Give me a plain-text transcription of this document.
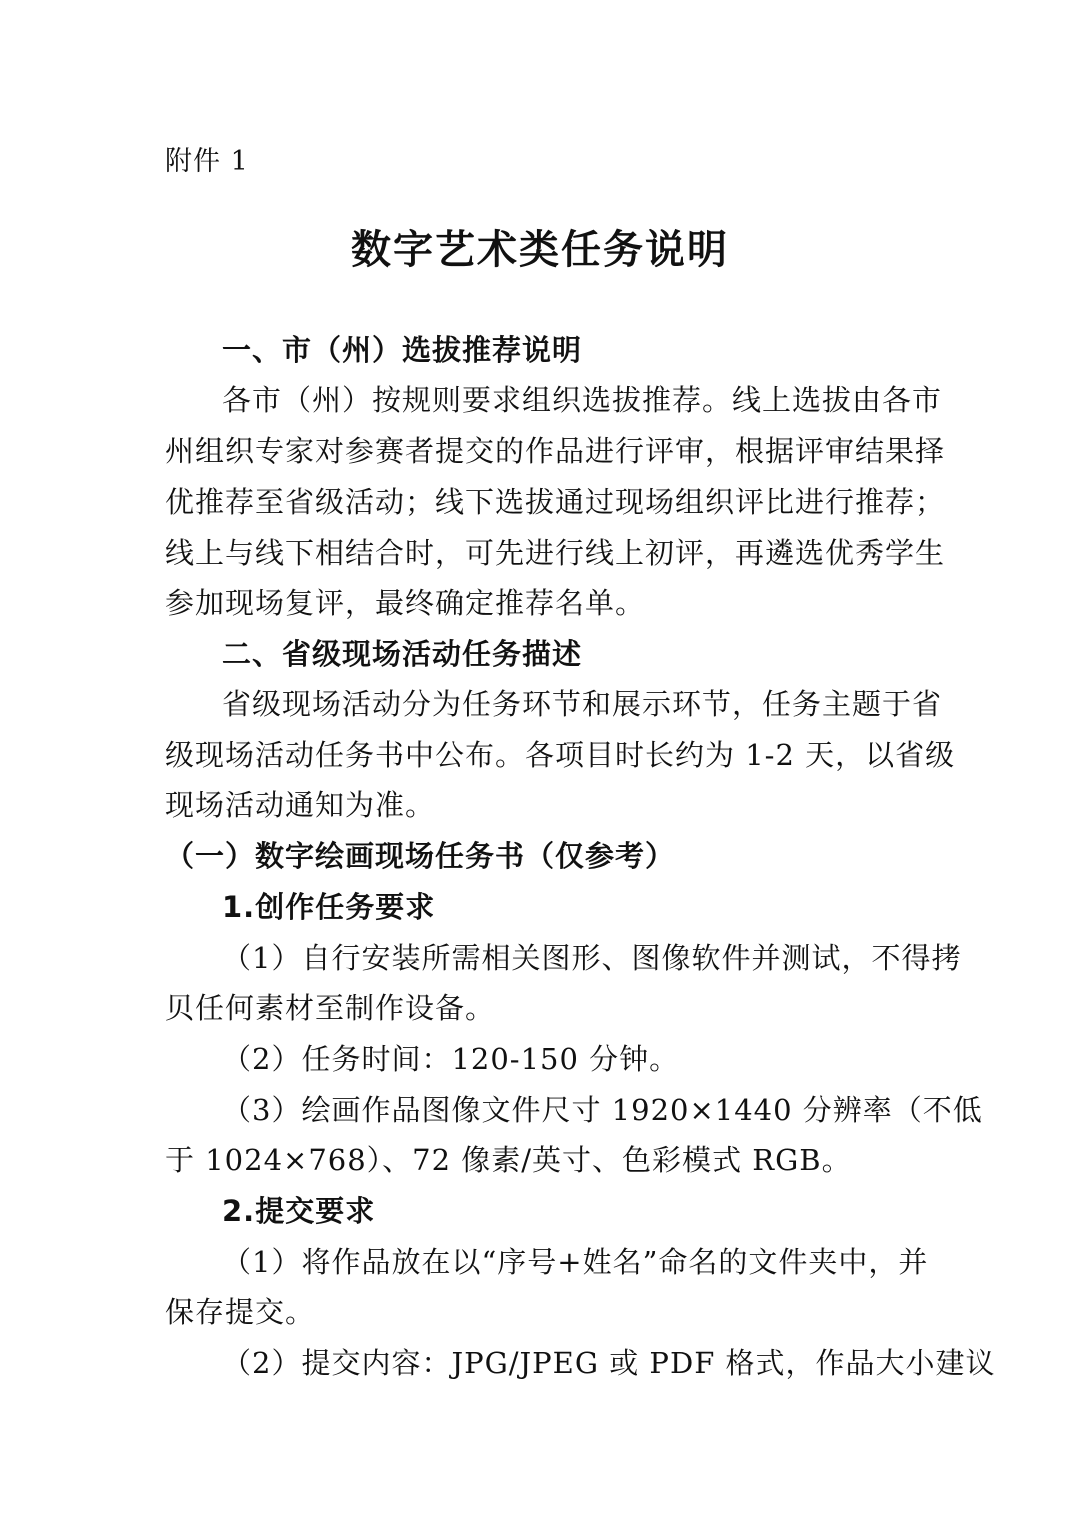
附件 1
数字艺术类任务说明
一、市（州）选拔推荐说明
各市（州）按规则要求组织选拔推荐。线上选拔由各市
州组织专家对参赛者提交的作品进行评审，根据评审结果择
优推荐至省级活动；线下选拔通过现场组织评比进行推荐；
线上与线下相结合时，可先进行线上初评，再遴选优秀学生
参加现场复评，最终确定推荐名单。
二、省级现场活动任务描述
省级现场活动分为任务环节和展示环节，任务主题于省
级现场活动任务书中公布。各项目时长约为 1-2 天，以省级
现场活动通知为准。
（一）数字绘画现场任务书（仅参考）
1.创作任务要求
（1）自行安装所需相关图形、图像软件并测试，不得拷
贝任何素材至制作设备。
（2）任务时间：120-150 分钟。
（3）绘画作品图像文件尺寸 1920×1440 分辨率（不低
于 1024×768）、72 像素/英寸、色彩模式 RGB。
2.提交要求
（1）将作品放在以“序号+姓名”命名的文件夹中，并
保存提交。
（2）提交内容：JPG/JPEG 或 PDF 格式，作品大小建议
